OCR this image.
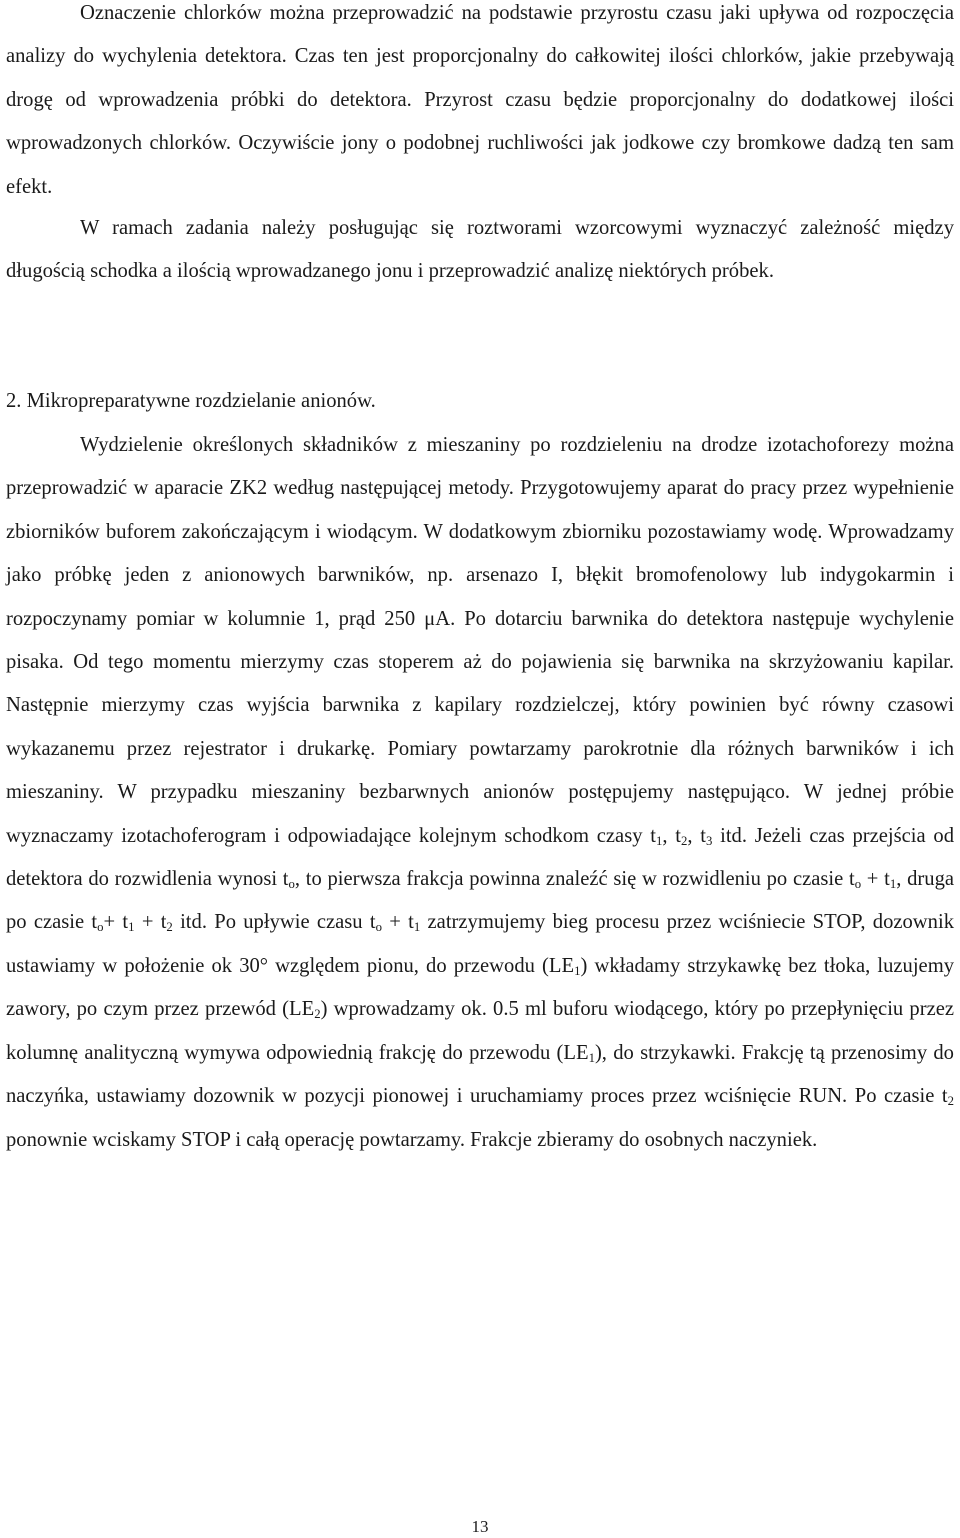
Oznaczenie chlorków można przeprowadzić na podstawie przyrostu czasu jaki upływa od rozpoczęcia analizy do wychylenia detektora. Czas ten jest proporcjonalny do całkowitej ilości chlorków, jakie przebywają drogę od wprowadzenia próbki do detektora. Przyrost czasu będzie proporcjonalny do dodatkowej ilości wprowadzonych chlorków. Oczywiście jony o podobnej ruchliwości jak jodkowe czy bromkowe dadzą ten sam efekt.

W ramach zadania należy posługując się roztworami wzorcowymi wyznaczyć zależność między długością schodka a ilością wprowadzanego jonu i przeprowadzić analizę niektórych próbek.

2. Mikropreparatywne rozdzielanie anionów.

Wydzielenie określonych składników z mieszaniny po rozdzieleniu na drodze izotachoforezy można przeprowadzić w aparacie ZK2 według następującej metody. Przygotowujemy aparat do pracy przez wypełnienie zbiorników buforem zakończającym i wiodącym. W dodatkowym zbiorniku pozostawiamy wodę. Wprowadzamy jako próbkę jeden z anionowych barwników, np. arsenazo I, błękit bromofenolowy lub indygokarmin i rozpoczynamy pomiar w kolumnie 1, prąd 250 μA. Po dotarciu barwnika do detektora następuje wychylenie pisaka. Od tego momentu mierzymy czas stoperem aż do pojawienia się barwnika na skrzyżowaniu kapilar. Następnie mierzymy czas wyjścia barwnika z kapilary rozdzielczej, który powinien być równy czasowi wykazanemu przez rejestrator i drukarkę. Pomiary powtarzamy parokrotnie dla różnych barwników i ich mieszaniny. W przypadku mieszaniny bezbarwnych anionów postępujemy następująco. W jednej próbie wyznaczamy izotachoferogram i odpowiadające kolejnym schodkom czasy $t_1$, $t_2$, $t_3$ itd. Jeżeli czas przejścia od detektora do rozwidlenia wynosi $t_o$, to pierwsza frakcja powinna znaleźć się w rozwidleniu po czasie $t_o + t_1$, druga po czasie $t_o+ t_1 + t_2$ itd. Po upływie czasu $t_o + t_1$ zatrzymujemy bieg procesu przez wciśniecie STOP, dozownik ustawiamy w położenie ok 30° względem pionu, do przewodu $(LE_1)$ wkładamy strzykawkę bez tłoka, luzujemy zawory, po czym przez przewód $(LE_2)$ wprowadzamy ok. 0.5 ml buforu wiodącego, który po przepłynięciu przez kolumnę analityczną wymywa odpowiednią frakcję do przewodu $(LE_1)$, do strzykawki. Frakcję tą przenosimy do naczyńka, ustawiamy dozownik w pozycji pionowej i uruchamiamy proces przez wciśnięcie RUN. Po czasie $t_2$ ponownie wciskamy STOP i całą operację powtarzamy. Frakcje zbieramy do osobnych naczyniek.

13
